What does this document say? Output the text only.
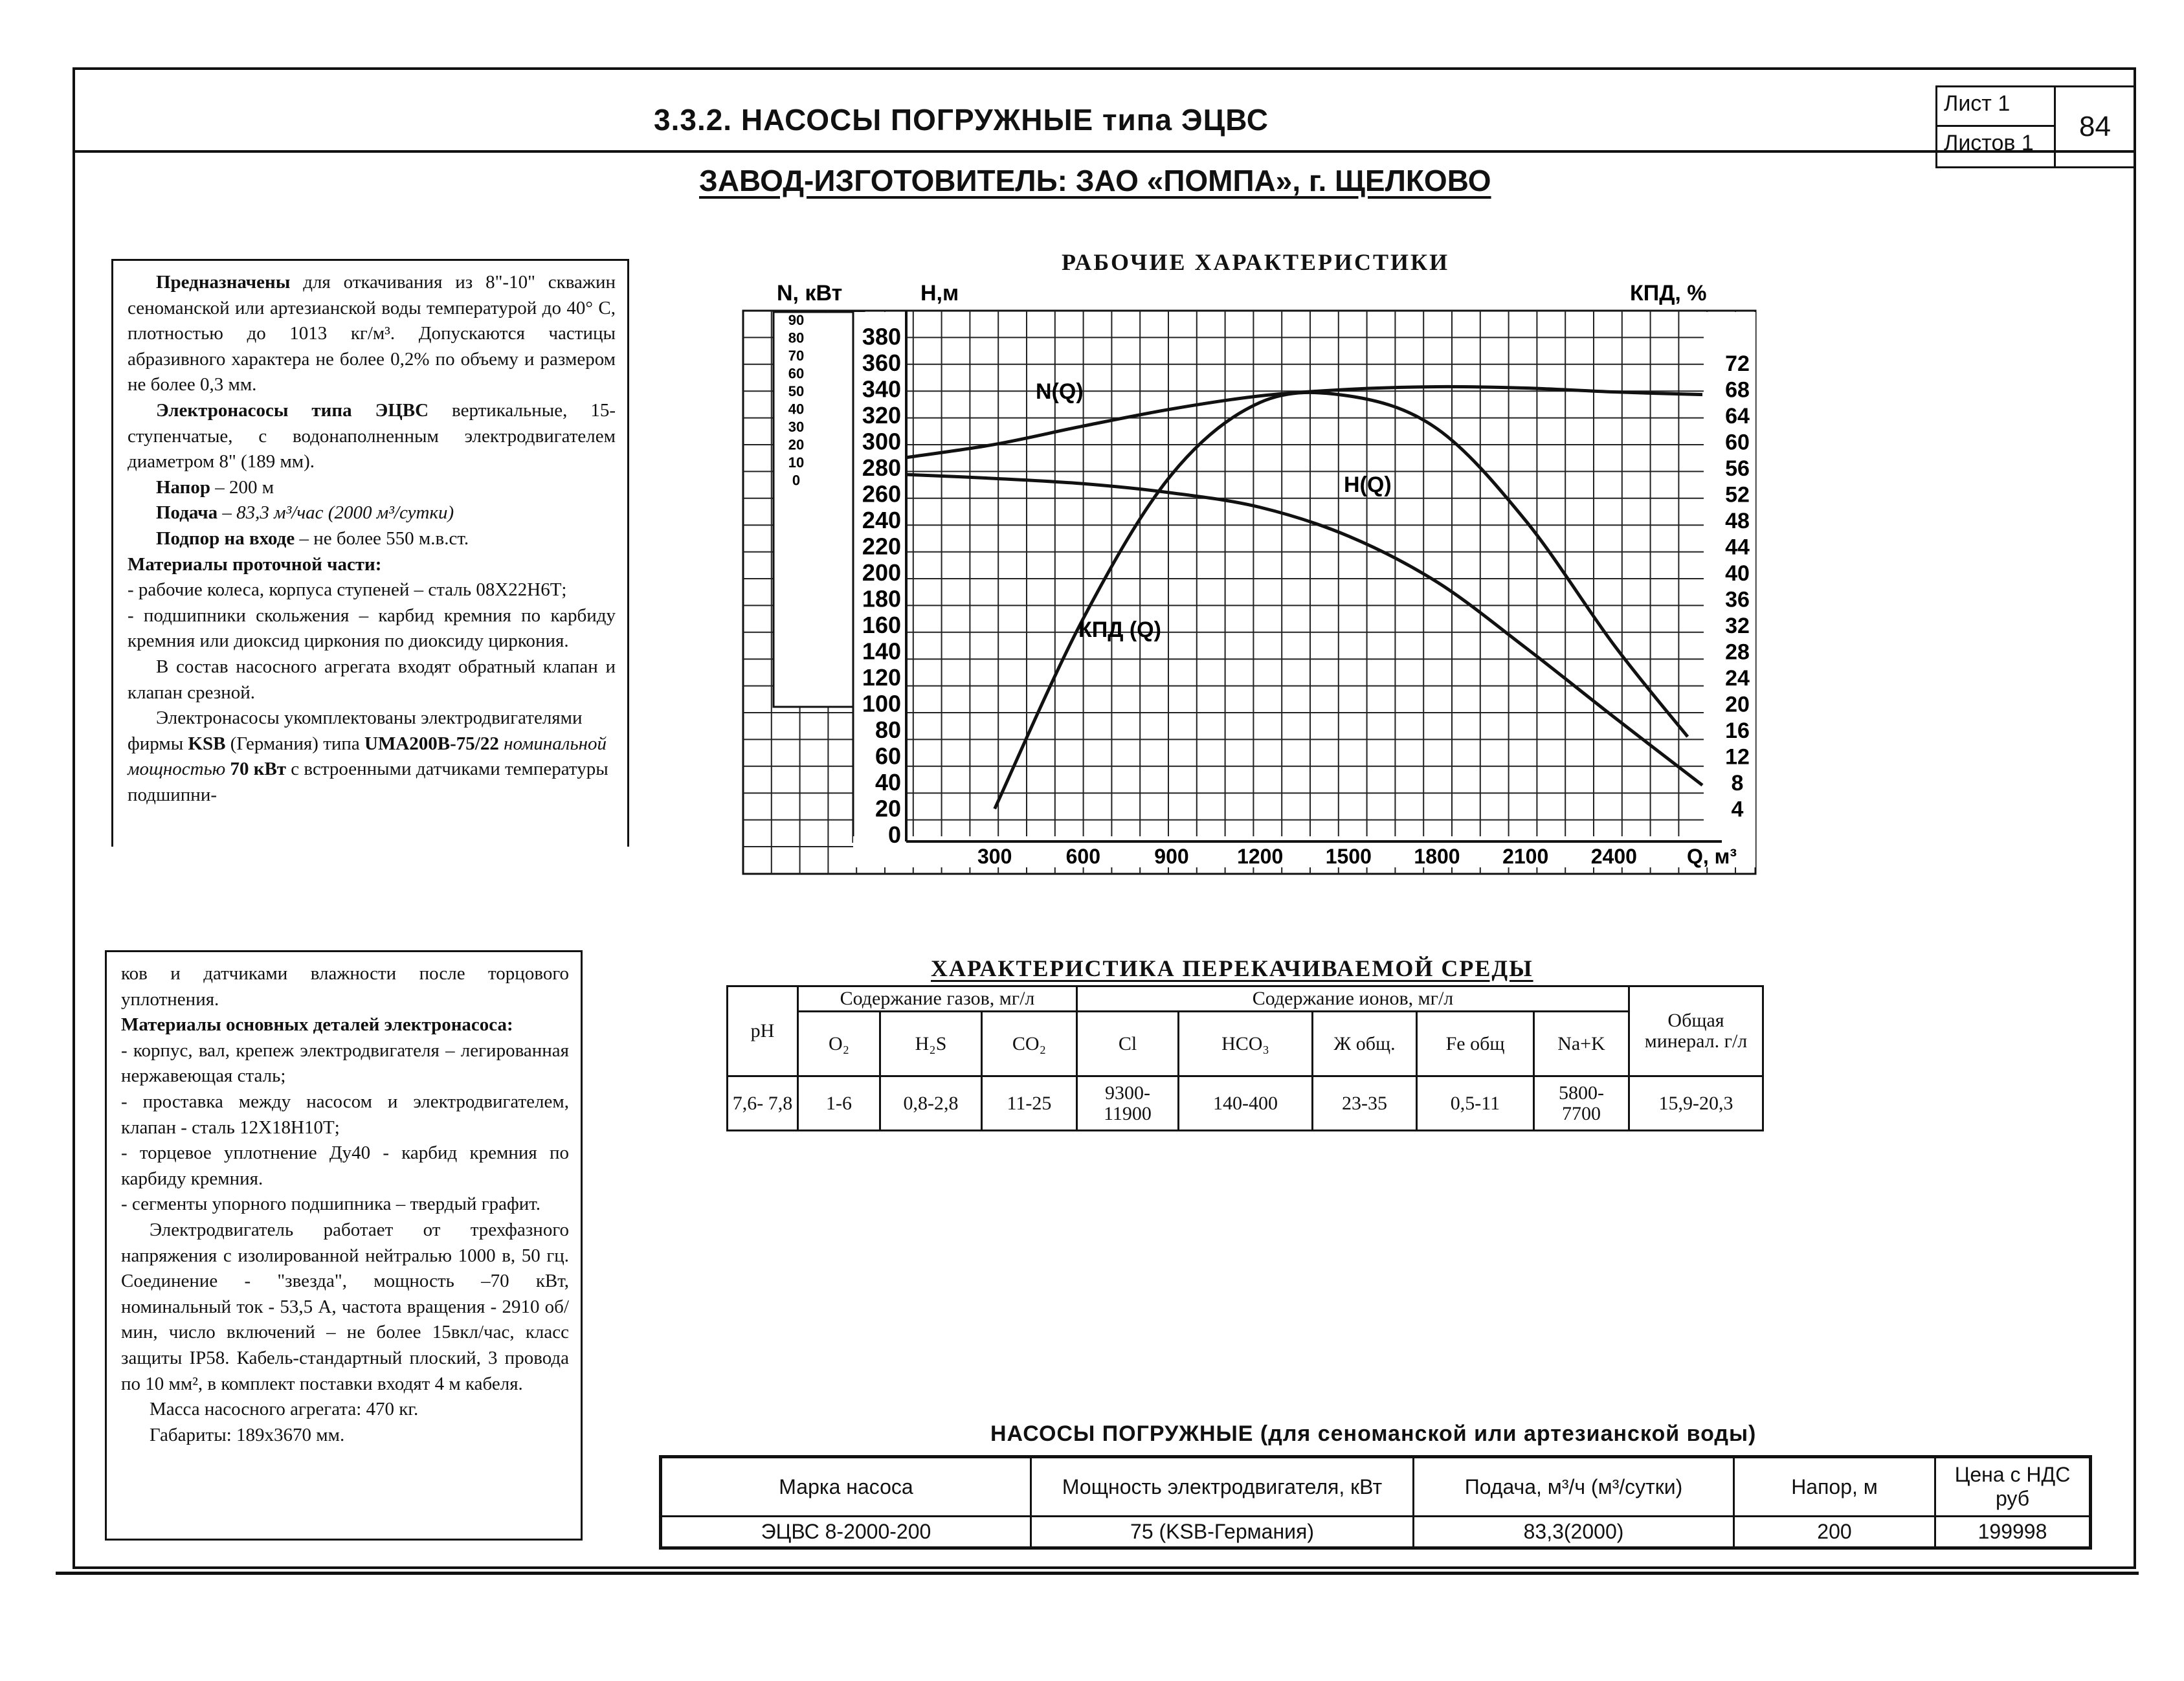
3.3.2. НАСОСЫ ПОГРУЖНЫЕ типа ЭЦВС	Лист 1
Листов 1
84
ЗАВОД-ИЗГОТОВИТЕЛЬ: ЗАО «ПОМПА», г. ЩЕЛКОВО

Предназначены для откачивания из 8"-10" скважин сеноманской или артезианской воды температурой до 40° С, плотностью до 1013 кг/м³. Допускаются частицы абразивного характера не более 0,2% по объему и размером не более 0,3 мм.

Электронасосы типа ЭЦВС вертикальные, 15-ступенчатые, с водонаполненным электродвигателем диаметром 8" (189 мм).

Напор – 200 м

Подача – 83,3 м³/час (2000 м³/сутки)

Подпор на входе – не более 550 м.в.ст.

Материалы проточной части:

- рабочие колеса, корпуса ступеней – сталь 08Х22Н6Т;

- подшипники скольжения – карбид кремния по карбиду кремния или диоксид циркония по диоксиду циркония.

В состав насосного агрегата входят обратный клапан и клапан срезной.

Электронасосы укомплектованы электродвигателями фирмы KSB (Германия) типа UMA200B-75/22 номинальной мощностью 70 кВт с встроенными датчиками температуры подшипни-

ков и датчиками влажности после торцового уплотнения.

Материалы основных деталей электронасоса:

- корпус, вал, крепеж электродвигателя – легированная нержавеющая сталь;

- проставка между насосом и электродвигателем, клапан - сталь 12Х18Н10Т;

- торцевое уплотнение Ду40 - карбид кремния по карбиду кремния.

- сегменты упорного подшипника – твердый графит.

Электродвигатель работает от трехфазного напряжения с изолированной нейтралью 1000 в, 50 гц. Соединение - "звезда", мощность –70 кВт, номинальный ток - 53,5 А, частота вращения - 2910 об/мин, число включений – не более 15вкл/час, класс защиты IP58. Кабель-стандартный плоский, 3 провода по 10 мм², в комплект поставки входят 4 м кабеля.

Масса насосного агрегата: 470 кг.

Габариты: 189х3670 мм.

РАБОЧИЕ ХАРАКТЕРИСТИКИ
N, кВт	Н,м	КПД, %
90
80
70
60
50
40
30
20
10
0
380
360
340
320
300
280
260
240
220
200
180
160
140
120
100
80
60
40
20
0
72
68
64
60
56
52
48
44
40
36
32
28
24
20
16
12
8
4
300	600	900 1200 1500 1800 2100 2400 Q, м³
N(Q)
H(Q)
КПД (Q)
ХАРАКТЕРИСТИКА ПЕРЕКАЧИВАЕМОЙ СРЕДЫ
pH	Содержание газов, мг/л			Содержание ионов, мг/л					Общая минерал. г/л
	O₂	H₂S	CO₂	Cl	HCO₃	Ж общ.	Fe общ	Na+K	
7,6- 7,8	1-6	0,8-2,8	11-25	9300- 11900	140-400	23-35	0,5-11	5800- 7700	15,9-20,3
НАСОСЫ ПОГРУЖНЫЕ (для сеноманской или артезианской воды)
Марка насоса	Мощность электродвигателя, кВт	Подача, м³/ч (м³/сутки)	Напор, м	Цена с НДС руб
ЭЦВС 8-2000-200	75 (KSB-Германия)	83,3(2000)	200	199998
